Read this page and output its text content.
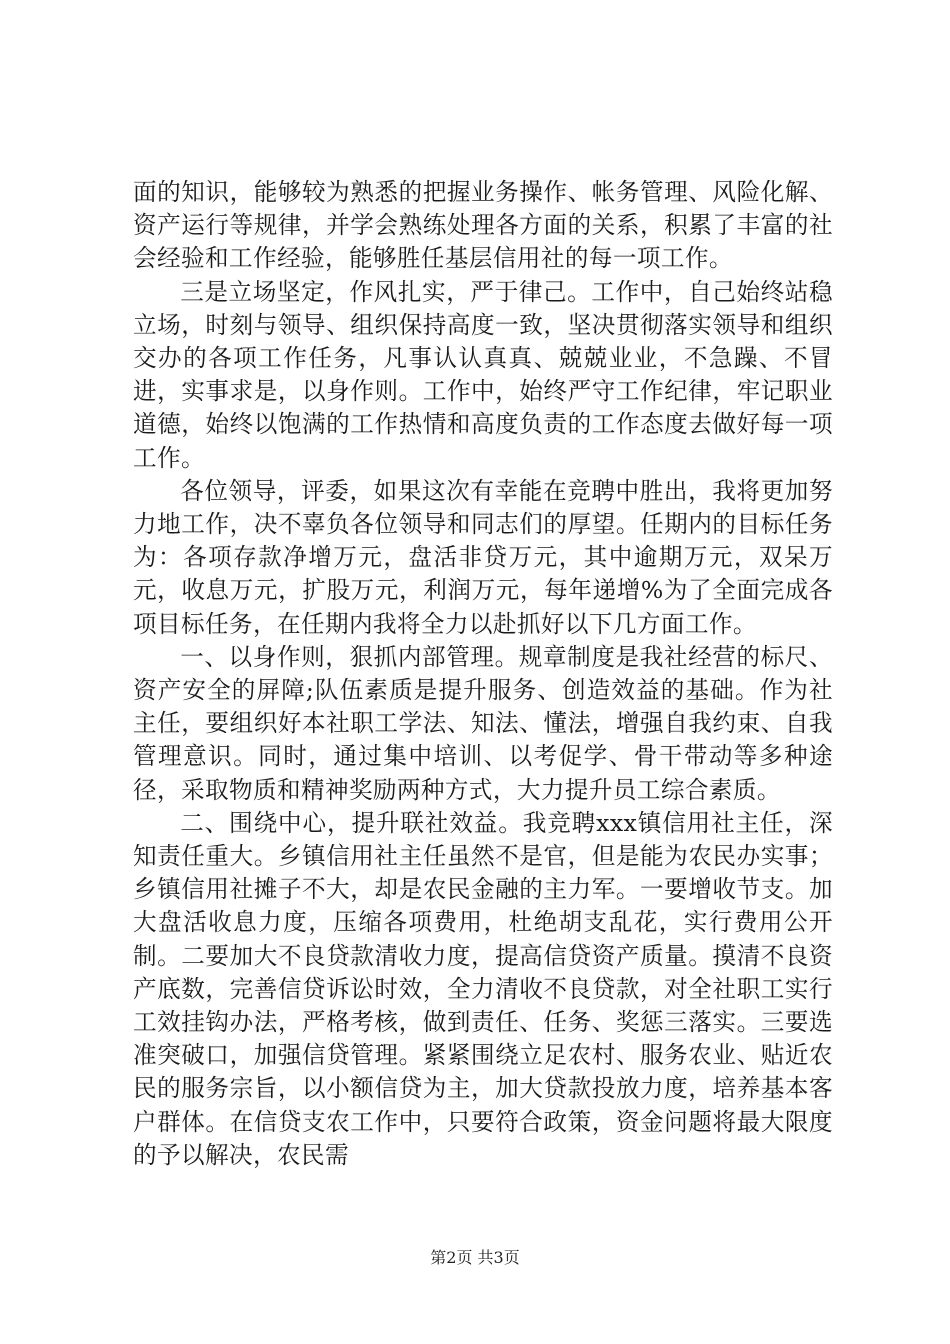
面的知识，能够较为熟悉的把握业务操作、帐务管理、风险化解、资产运行等规律，并学会熟练处理各方面的关系，积累了丰富的社会经验和工作经验，能够胜任基层信用社的每一项工作。

三是立场坚定，作风扎实，严于律己。工作中，自己始终站稳立场，时刻与领导、组织保持高度一致，坚决贯彻落实领导和组织交办的各项工作任务，凡事认认真真、兢兢业业，不急躁、不冒进，实事求是，以身作则。工作中，始终严守工作纪律，牢记职业道德，始终以饱满的工作热情和高度负责的工作态度去做好每一项工作。

各位领导，评委，如果这次有幸能在竞聘中胜出，我将更加努力地工作，决不辜负各位领导和同志们的厚望。任期内的目标任务为：各项存款净增万元，盘活非贷万元，其中逾期万元，双呆万元，收息万元，扩股万元，利润万元，每年递增%为了全面完成各项目标任务，在任期内我将全力以赴抓好以下几方面工作。

一、以身作则，狠抓内部管理。规章制度是我社经营的标尺、资产安全的屏障;队伍素质是提升服务、创造效益的基础。作为社主任，要组织好本社职工学法、知法、懂法，增强自我约束、自我管理意识。同时，通过集中培训、以考促学、骨干带动等多种途径，采取物质和精神奖励两种方式，大力提升员工综合素质。

二、围绕中心，提升联社效益。我竞聘xxx镇信用社主任，深知责任重大。乡镇信用社主任虽然不是官，但是能为农民办实事；乡镇信用社摊子不大，却是农民金融的主力军。一要增收节支。加大盘活收息力度，压缩各项费用，杜绝胡支乱花，实行费用公开制。二要加大不良贷款清收力度，提高信贷资产质量。摸清不良资产底数，完善信贷诉讼时效，全力清收不良贷款，对全社职工实行工效挂钩办法，严格考核，做到责任、任务、奖惩三落实。三要选准突破口，加强信贷管理。紧紧围绕立足农村、服务农业、贴近农民的服务宗旨，以小额信贷为主，加大贷款投放力度，培养基本客户群体。在信贷支农工作中，只要符合政策，资金问题将最大限度的予以解决，农民需

第2页 共3页
